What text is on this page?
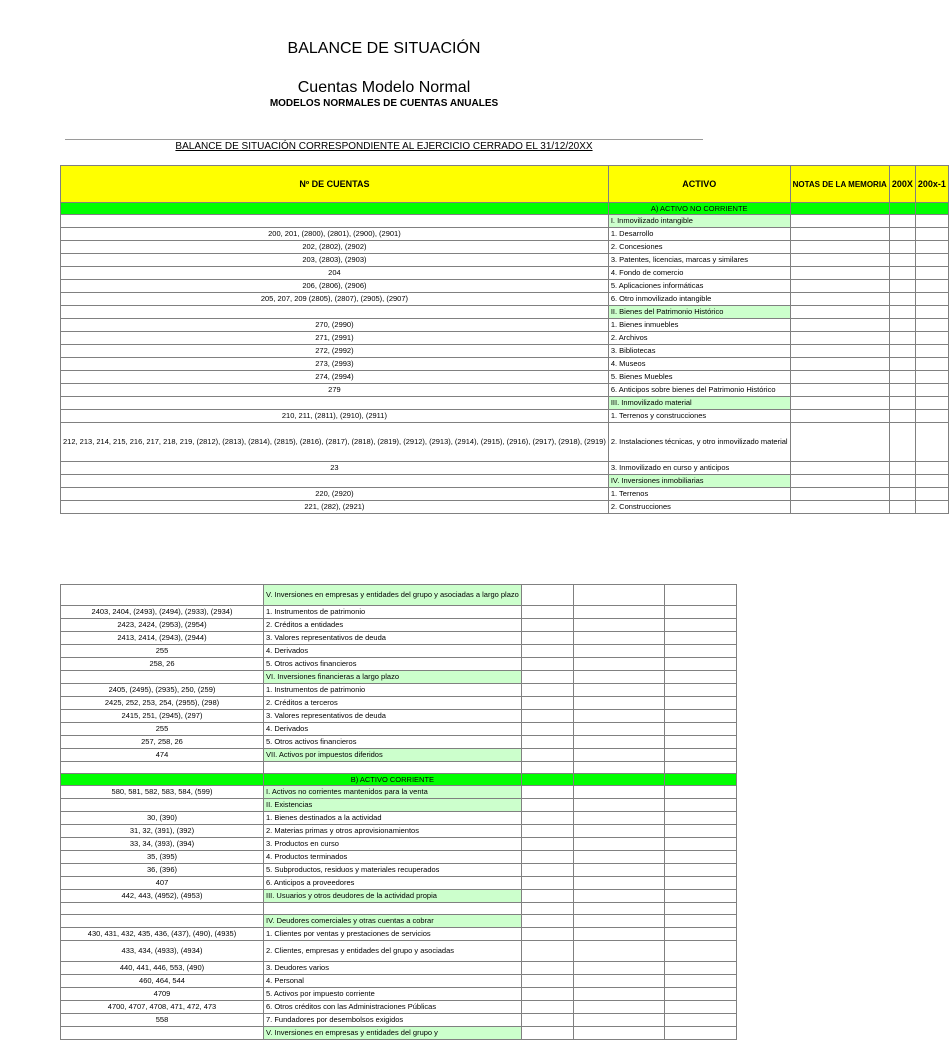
BALANCE DE SITUACIÓN
Cuentas Modelo Normal
MODELOS NORMALES DE CUENTAS ANUALES
BALANCE DE SITUACIÓN CORRESPONDIENTE AL EJERCICIO CERRADO EL 31/12/20XX
Nº DE CUENTAS	ACTIVO	NOTAS DE LA MEMORIA	200X	200x-1
	A) ACTIVO NO CORRIENTE			
	I. Inmovilizado intangible			
200, 201, (2800), (2801), (2900), (2901)	1. Desarrollo			
202, (2802), (2902)	2. Concesiones			
203, (2803), (2903)	3. Patentes, licencias, marcas y similares			
204	4. Fondo de comercio			
206, (2806), (2906)	5. Aplicaciones informáticas			
205, 207, 209 (2805), (2807), (2905), (2907)	6. Otro inmovilizado intangible			
	II. Bienes del Patrimonio Histórico			
270, (2990)	1. Bienes inmuebles			
271, (2991)	2. Archivos			
272, (2992)	3. Bibliotecas			
273, (2993)	4. Museos			
274, (2994)	5. Bienes Muebles			
279	6. Anticipos sobre bienes del Patrimonio Histórico			
	III. Inmovilizado material			
210, 211, (2811), (2910), (2911)	1. Terrenos y construcciones			
212, 213, 214, 215, 216, 217, 218, 219, (2812), (2813), (2814), (2815), (2816), (2817), (2818), (2819), (2912), (2913), (2914), (2915), (2916), (2917), (2918), (2919)	2. Instalaciones técnicas, y otro inmovilizado material			
23	3. Inmovilizado en curso y anticipos			
	IV. Inversiones inmobiliarias			
220, (2920)	1. Terrenos			
221, (282), (2921)	2. Construcciones			
	V. Inversiones en empresas y entidades del grupo y asociadas a largo plazo			
2403, 2404, (2493), (2494), (2933), (2934)	1. Instrumentos de patrimonio			
2423, 2424, (2953), (2954)	2. Créditos a entidades			
2413, 2414, (2943), (2944)	3. Valores representativos de deuda			
255	4. Derivados			
258, 26	5. Otros activos financieros			
	VI. Inversiones financieras a largo plazo			
2405, (2495), (2935), 250, (259)	1. Instrumentos de patrimonio			
2425, 252, 253, 254, (2955), (298)	2. Créditos a terceros			
2415, 251, (2945), (297)	3. Valores representativos de deuda			
255	4. Derivados			
257, 258, 26	5. Otros activos financieros			
474	VII. Activos por impuestos diferidos			

	B) ACTIVO CORRIENTE			
580, 581, 582, 583, 584, (599)	I. Activos no corrientes mantenidos para la venta			
	II. Existencias			
30, (390)	1. Bienes destinados a la actividad			
31, 32, (391), (392)	2. Materias primas y otros aprovisionamientos			
33, 34, (393), (394)	3. Productos en curso			
35, (395)	4. Productos terminados			
36, (396)	5. Subproductos, residuos y materiales recuperados			
407	6. Anticipos a proveedores			
442, 443, (4952), (4953)	III. Usuarios y otros deudores de la actividad propia			

	IV. Deudores comerciales y otras cuentas a cobrar			
430, 431, 432, 435, 436, (437), (490), (4935)	1. Clientes por ventas y prestaciones de servicios			
433, 434, (4933), (4934)	2. Clientes, empresas y entidades del grupo y asociadas			
440, 441, 446, 553, (490)	3. Deudores varios			
460, 464, 544	4. Personal			
4709	5. Activos por impuesto corriente			
4700, 4707, 4708, 471, 472, 473	6. Otros créditos con las Administraciones Públicas			
558	7. Fundadores por desembolsos exigidos			
	V. Inversiones en empresas y entidades del grupo y			
